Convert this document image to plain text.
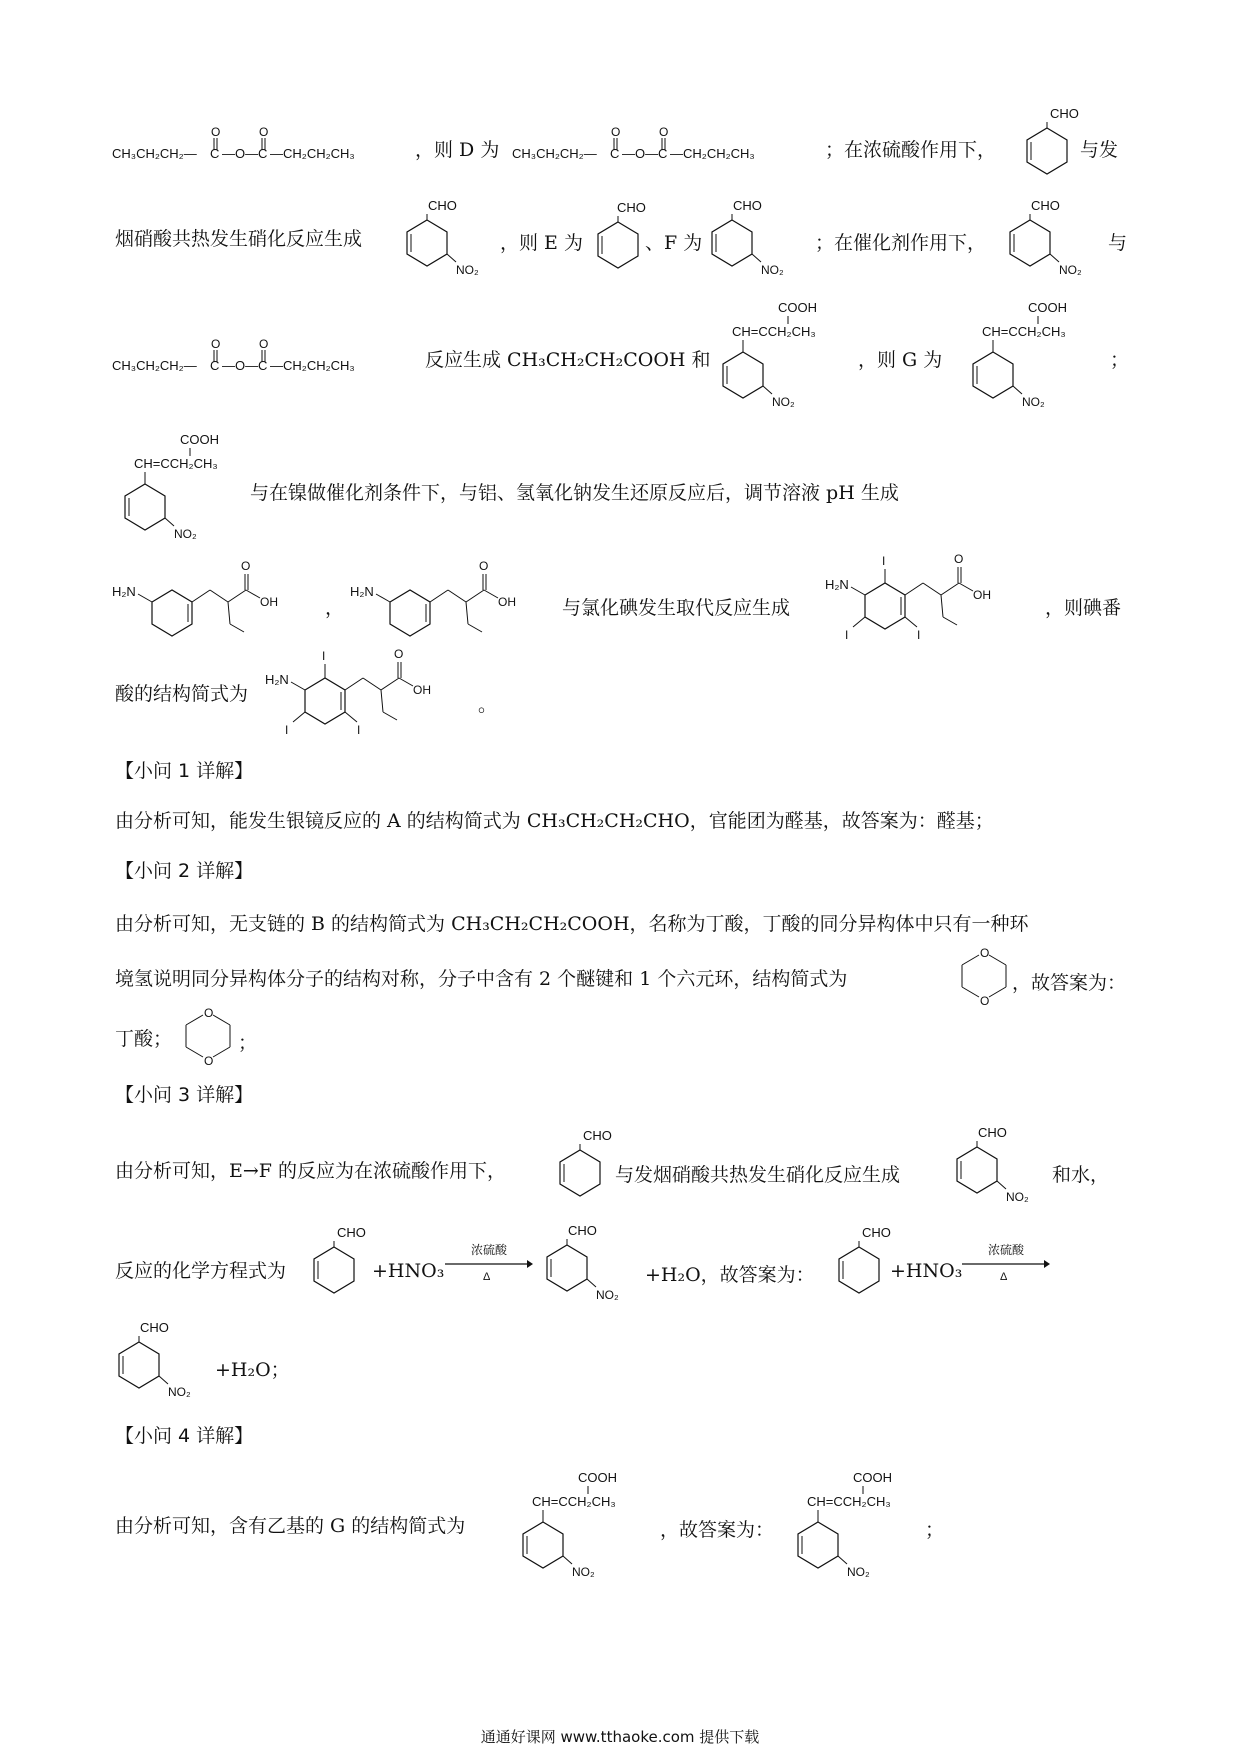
CH₃CH₂CH₂— C
O
—O— C
O
—CH₂CH₂CH₃	，则 D 为 CH₃CH₂CH₂— C
O
—O— C
O
—CH₂CH₂CH₃	；在浓硫酸作用下，
CHO
与发
烟硝酸共热发生硝化反应生成
CHO
NO₂
，则 E 为
CHO
、F 为
CHO
NO₂
；在催化剂作用下，
CHO
NO₂
与
CH₃CH₂CH₂— C
O
—O— C
O
—CH₂CH₂CH₃	反应生成 CH₃CH₂CH₂COOH 和
COOH
CH=CCH₂CH₃
NO₂
，则 G 为
COOH
CH=CCH₂CH₃
NO₂
；
COOH
CH=CCH₂CH₃
NO₂
与在镍做催化剂条件下，与铝、氢氧化钠发生还原反应后，调节溶液 pH 生成
H₂N
O
OH ，
H₂N
O
OH 与氯化碘发生取代反应生成
H₂N
I
I	I
O
OH
，则碘番
酸的结构简式为
H₂N
I
I	I
O
OH
。
【小问 1 详解】
由分析可知，能发生银镜反应的 A 的结构简式为 CH₃CH₂CH₂CHO，官能团为醛基，故答案为：醛基；
【小问 2 详解】
由分析可知，无支链的 B 的结构简式为 CH₃CH₂CH₂COOH，名称为丁酸，丁酸的同分异构体中只有一种环
境氢说明同分异构体分子的结构对称，分子中含有 2 个醚键和 1 个六元环，结构简式为
O
O
，故答案为：
丁酸；
O
O
；
【小问 3 详解】
由分析可知，E→F 的反应为在浓硫酸作用下，
CHO
与发烟硝酸共热发生硝化反应生成
CHO
NO₂
和水，
反应的化学方程式为
CHO
+HNO₃
浓硫酸
Δ
CHO
NO₂
+H₂O，故答案为：
CHO
+HNO₃
浓硫酸
Δ
CHO
NO₂
+H₂O；
【小问 4 详解】
由分析可知，含有乙基的 G 的结构简式为
COOH
CH=CCH₂CH₃
NO₂
，故答案为：
COOH
CH=CCH₂CH₃
NO₂
；
通通好课网 www.tthaoke.com 提供下载
